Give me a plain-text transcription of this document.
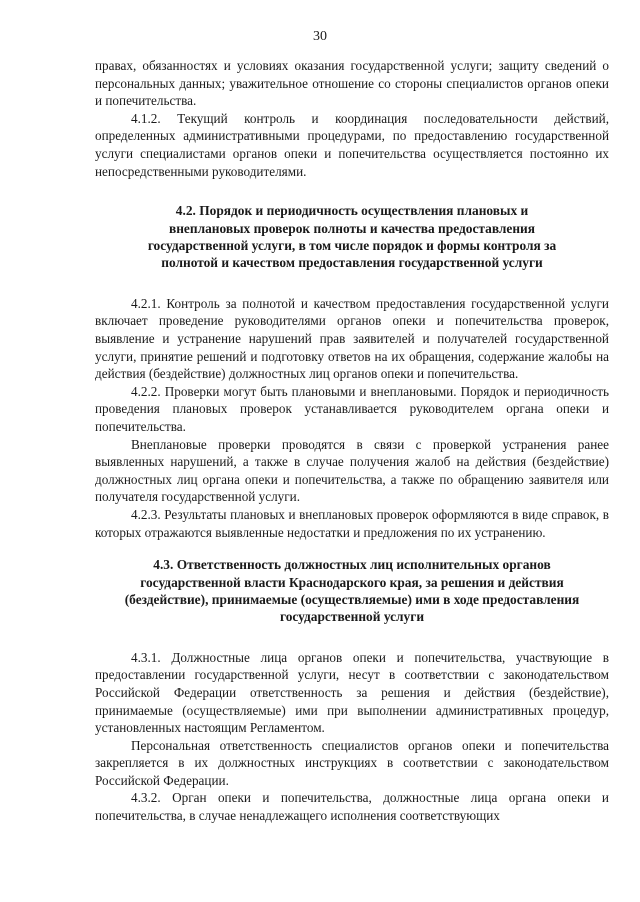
30

правах, обязанностях и условиях оказания государственной услуги; защиту сведений о персональных данных; уважительное отношение со стороны специалистов органов опеки и попечительства.

4.1.2. Текущий контроль и координация последовательности действий, определенных административными процедурами, по предоставлению государственной услуги специалистами органов опеки и попечительства осуществляется постоянно их непосредственными руководителями.

4.2. Порядок и периодичность осуществления плановых и внеплановых проверок полноты и качества предоставления государственной услуги, в том числе порядок и формы контроля за полнотой и качеством предоставления государственной услуги

4.2.1. Контроль за полнотой и качеством предоставления государственной услуги включает проведение руководителями органов опеки и попечительства проверок, выявление и устранение нарушений прав заявителей и получателей государственной услуги, принятие решений и подготовку ответов на их обращения, содержание жалобы на действия (бездействие) должностных лиц органов опеки и попечительства.

4.2.2. Проверки могут быть плановыми и внеплановыми. Порядок и периодичность проведения плановых проверок устанавливается руководителем органа опеки и попечительства.

Внеплановые проверки проводятся в связи с проверкой устранения ранее выявленных нарушений, а также в случае получения жалоб на действия (бездействие) должностных лиц органа опеки и попечительства, а также по обращению заявителя или получателя государственной услуги.

4.2.3. Результаты плановых и внеплановых проверок оформляются в виде справок, в которых отражаются выявленные недостатки и предложения по их устранению.

4.3. Ответственность должностных лиц исполнительных органов государственной власти Краснодарского края, за решения и действия (бездействие), принимаемые (осуществляемые) ими в ходе предоставления государственной услуги

4.3.1. Должностные лица органов опеки и попечительства, участвующие в предоставлении государственной услуги, несут в соответствии с законодательством Российской Федерации ответственность за решения и действия (бездействие), принимаемые (осуществляемые) ими при выполнении административных процедур, установленных настоящим Регламентом.

Персональная ответственность специалистов органов опеки и попечительства закрепляется в их должностных инструкциях в соответствии с законодательством Российской Федерации.

4.3.2. Орган опеки и попечительства, должностные лица органа опеки и попечительства, в случае ненадлежащего исполнения соответствующих
